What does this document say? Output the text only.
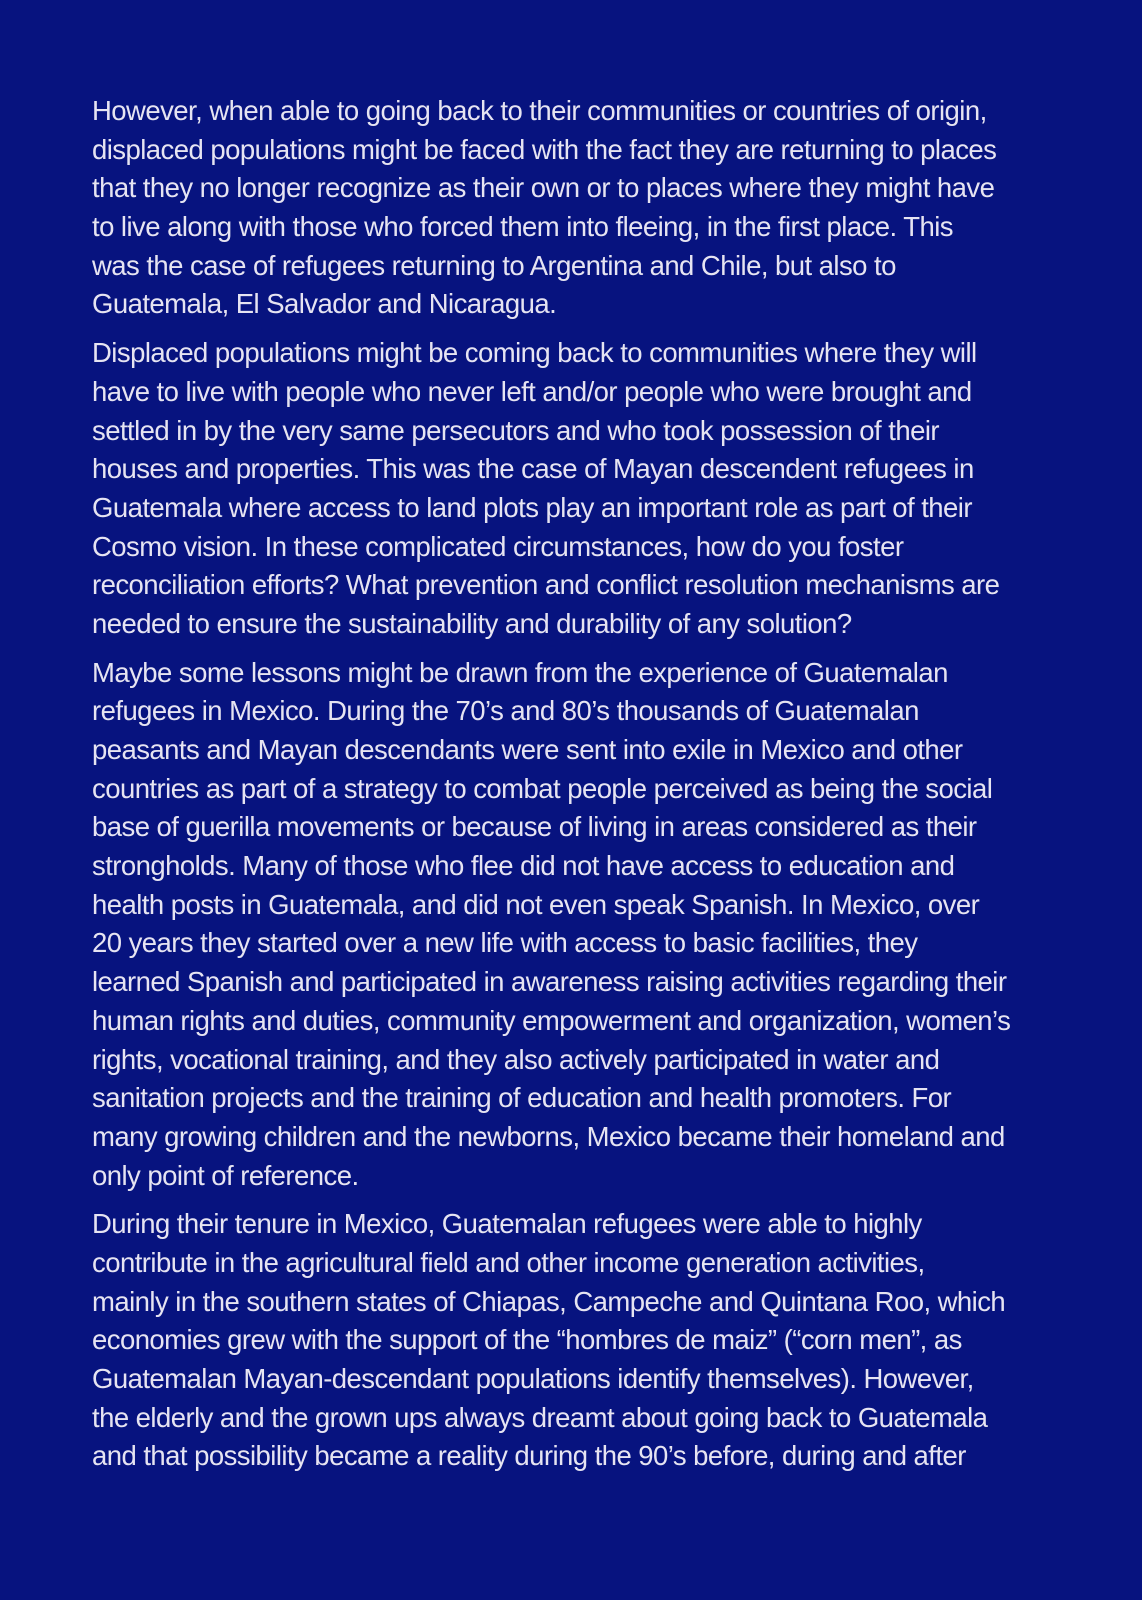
However, when able to going back to their communities or countries of origin,
displaced populations might be faced with the fact they are returning to places
that they no longer recognize as their own or to places where they might have
to live along with those who forced them into fleeing, in the first place. This
was the case of refugees returning to Argentina and Chile, but also to
Guatemala, El Salvador and Nicaragua.

Displaced populations might be coming back to communities where they will
have to live with people who never left and/or people who were brought and
settled in by the very same persecutors and who took possession of their
houses and properties. This was the case of Mayan descendent refugees in
Guatemala where access to land plots play an important role as part of their
Cosmo vision. In these complicated circumstances, how do you foster
reconciliation efforts? What prevention and conflict resolution mechanisms are
needed to ensure the sustainability and durability of any solution?

Maybe some lessons might be drawn from the experience of Guatemalan
refugees in Mexico. During the 70’s and 80’s thousands of Guatemalan
peasants and Mayan descendants were sent into exile in Mexico and other
countries as part of a strategy to combat people perceived as being the social
base of guerilla movements or because of living in areas considered as their
strongholds. Many of those who flee did not have access to education and
health posts in Guatemala, and did not even speak Spanish. In Mexico, over
20 years they started over a new life with access to basic facilities, they
learned Spanish and participated in awareness raising activities regarding their
human rights and duties, community empowerment and organization, women’s
rights, vocational training, and they also actively participated in water and
sanitation projects and the training of education and health promoters. For
many growing children and the newborns, Mexico became their homeland and
only point of reference.

During their tenure in Mexico, Guatemalan refugees were able to highly
contribute in the agricultural field and other income generation activities,
mainly in the southern states of Chiapas, Campeche and Quintana Roo, which
economies grew with the support of the “hombres de maiz” (“corn men”, as
Guatemalan Mayan-descendant populations identify themselves). However,
the elderly and the grown ups always dreamt about going back to Guatemala
and that possibility became a reality during the 90’s before, during and after
